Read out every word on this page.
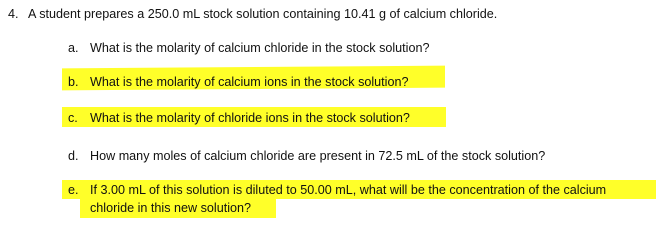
4. A student prepares a 250.0 mL stock solution containing 10.41 g of calcium chloride.
a. What is the molarity of calcium chloride in the stock solution?
b. What is the molarity of calcium ions in the stock solution?
c. What is the molarity of chloride ions in the stock solution?
d. How many moles of calcium chloride are present in 72.5 mL of the stock solution?
e. If 3.00 mL of this solution is diluted to 50.00 mL, what will be the concentration of the calcium
chloride in this new solution?
